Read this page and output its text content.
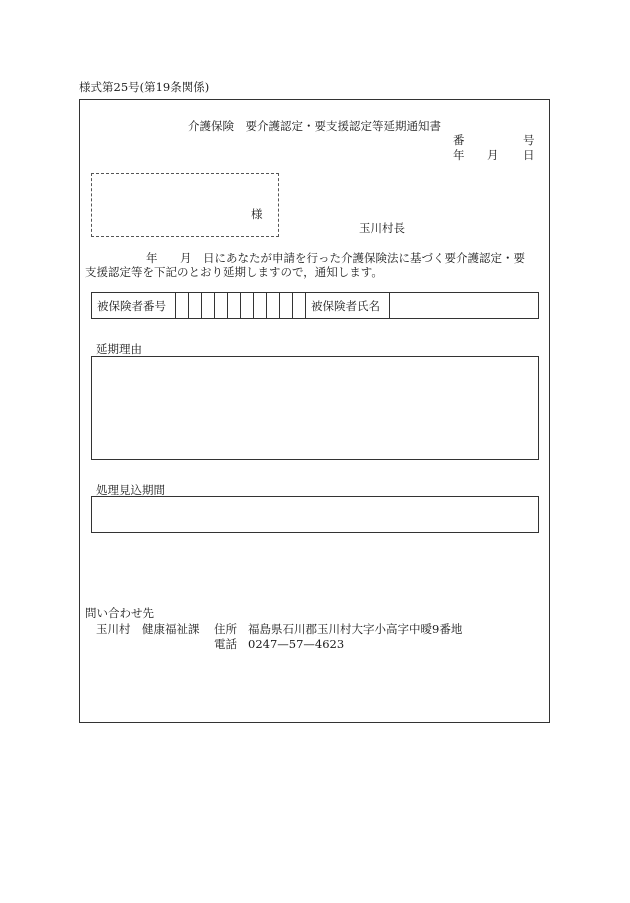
様式第25号(第19条関係)
介護保険　要介護認定・要支援認定等延期通知書
番	号
年 月 日
様
玉川村長
年 月 日にあなたが申請を行った介護保険法に基づく要介護認定・要
支援認定等を下記のとおり延期しますので，通知します。
被保険者番号	被保険者氏名
延期理由
処理見込期間
問い合わせ先
玉川村　健康福祉課 住所 福島県石川郡玉川村大字小高字中曖9番地
電話 0247—57—4623
